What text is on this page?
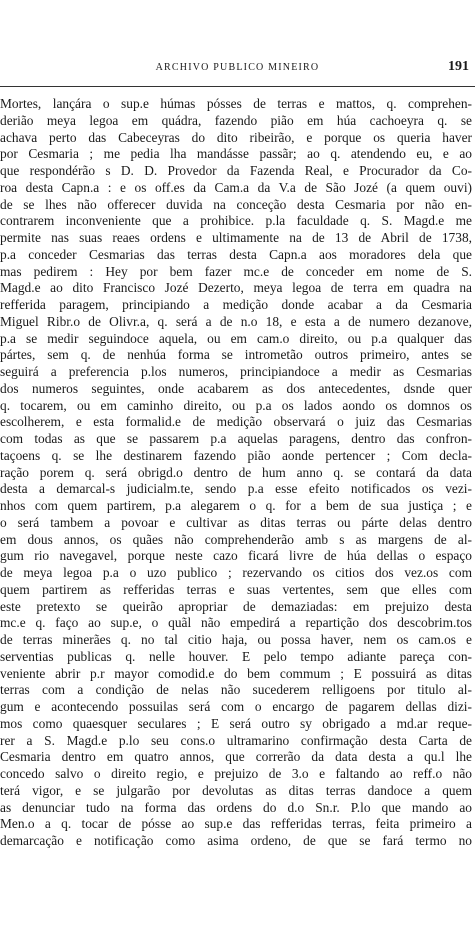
ARCHIVO PUBLICO MINEIRO	191
Mortes, lançára o sup.e húmas pósses de terras e mattos, q. comprehen-
derião meya legoa em quádra, fazendo pião em húa cachoeyra q. se
achava perto das Cabeceyras do dito ribeirão, e porque os queria haver
por Cesmaria ; me pedia lha mandásse passãr; ao q. atendendo eu, e ao
que respondérão s D. D. Provedor da Fazenda Real, e Procurador da Co-
roa desta Capn.a : e os off.es da Cam.a da V.a de São Jozé (a quem ouvi)
de se lhes não offerecer duvida na conceção desta Cesmaria por não en-
contrarem inconveniente que a prohibice. p.la faculdade q. S. Magd.e me
permite nas suas reaes ordens e ultimamente na de 13 de Abril de 1738,
p.a conceder Cesmarias das terras desta Capn.a aos moradores dela que
mas pedirem : Hey por bem fazer mc.e de conceder em nome de S.
Magd.e ao dito Francisco Jozé Dezerto, meya legoa de terra em quadra na
refferida paragem, principiando a medição donde acabar a da Cesmaria
Miguel Ribr.o de Olivr.a, q. será a de n.o 18, e esta a de numero dezanove,
p.a se medir seguindoce aquela, ou em cam.o direito, ou p.a qualquer das
pártes, sem q. de nenhúa forma se intrometão outros primeiro, antes se
seguirá a preferencia p.los numeros, principiandoce a medir as Cesmarias
dos numeros seguintes, onde acabarem as dos antecedentes, dsnde quer
q. tocarem, ou em caminho direito, ou p.a os lados aondo os domnos os
escolherem, e esta formalid.e de medição observará o juiz das Cesmarias
com todas as que se passarem p.a aquelas paragens, dentro das confron-
taçoens q. se lhe destinarem fazendo pião aonde pertencer ; Com decla-
ração porem q. será obrigd.o dentro de hum anno q. se contará da data
desta a demarcal-s judicialm.te, sendo p.a esse efeito notificados os vezi-
nhos com quem partirem, p.a alegarem o q. for a bem de sua justiça ; e
o será tambem a povoar e cultivar as ditas terras ou párte delas dentro
em dous annos, os quães não comprehenderão amb s as margens de al-
gum rio navegavel, porque neste cazo ficará livre de húa dellas o espaço
de meya legoa p.a o uzo publico ; rezervando os citios dos vez.os com
quem partirem as refferidas terras e suas vertentes, sem que elles com
este pretexto se queirão apropriar de demaziadas: em prejuizo desta
mc.e q. faço ao sup.e, o quãl não empedirá a repartição dos descobrim.tos
de terras minerães q. no tal citio haja, ou possa haver, nem os cam.os e
serventias publicas q. nelle houver. E pelo tempo adiante pareça con-
veniente abrir p.r mayor comodid.e do bem commum ; E possuirá as ditas
terras com a condição de nelas não sucederem relligoens por titulo al-
gum e acontecendo possuilas será com o encargo de pagarem dellas dizi-
mos como quaesquer seculares ; E será outro sy obrigado a md.ar reque-
rer a S. Magd.e p.lo seu cons.o ultramarino confirmação desta Carta de
Cesmaria dentro em quatro annos, que correrão da data desta a qu.l lhe
concedo salvo o direito regio, e prejuizo de 3.o e faltando ao reff.o não
terá vigor, e se julgarão por devolutas as ditas terras dandoce a quem
as denunciar tudo na forma das ordens do d.o Sn.r. P.lo que mando ao
Men.o a q. tocar de pósse ao sup.e das refferidas terras, feita primeiro a
demarcação e notificação como asima ordeno, de que se fará termo no
